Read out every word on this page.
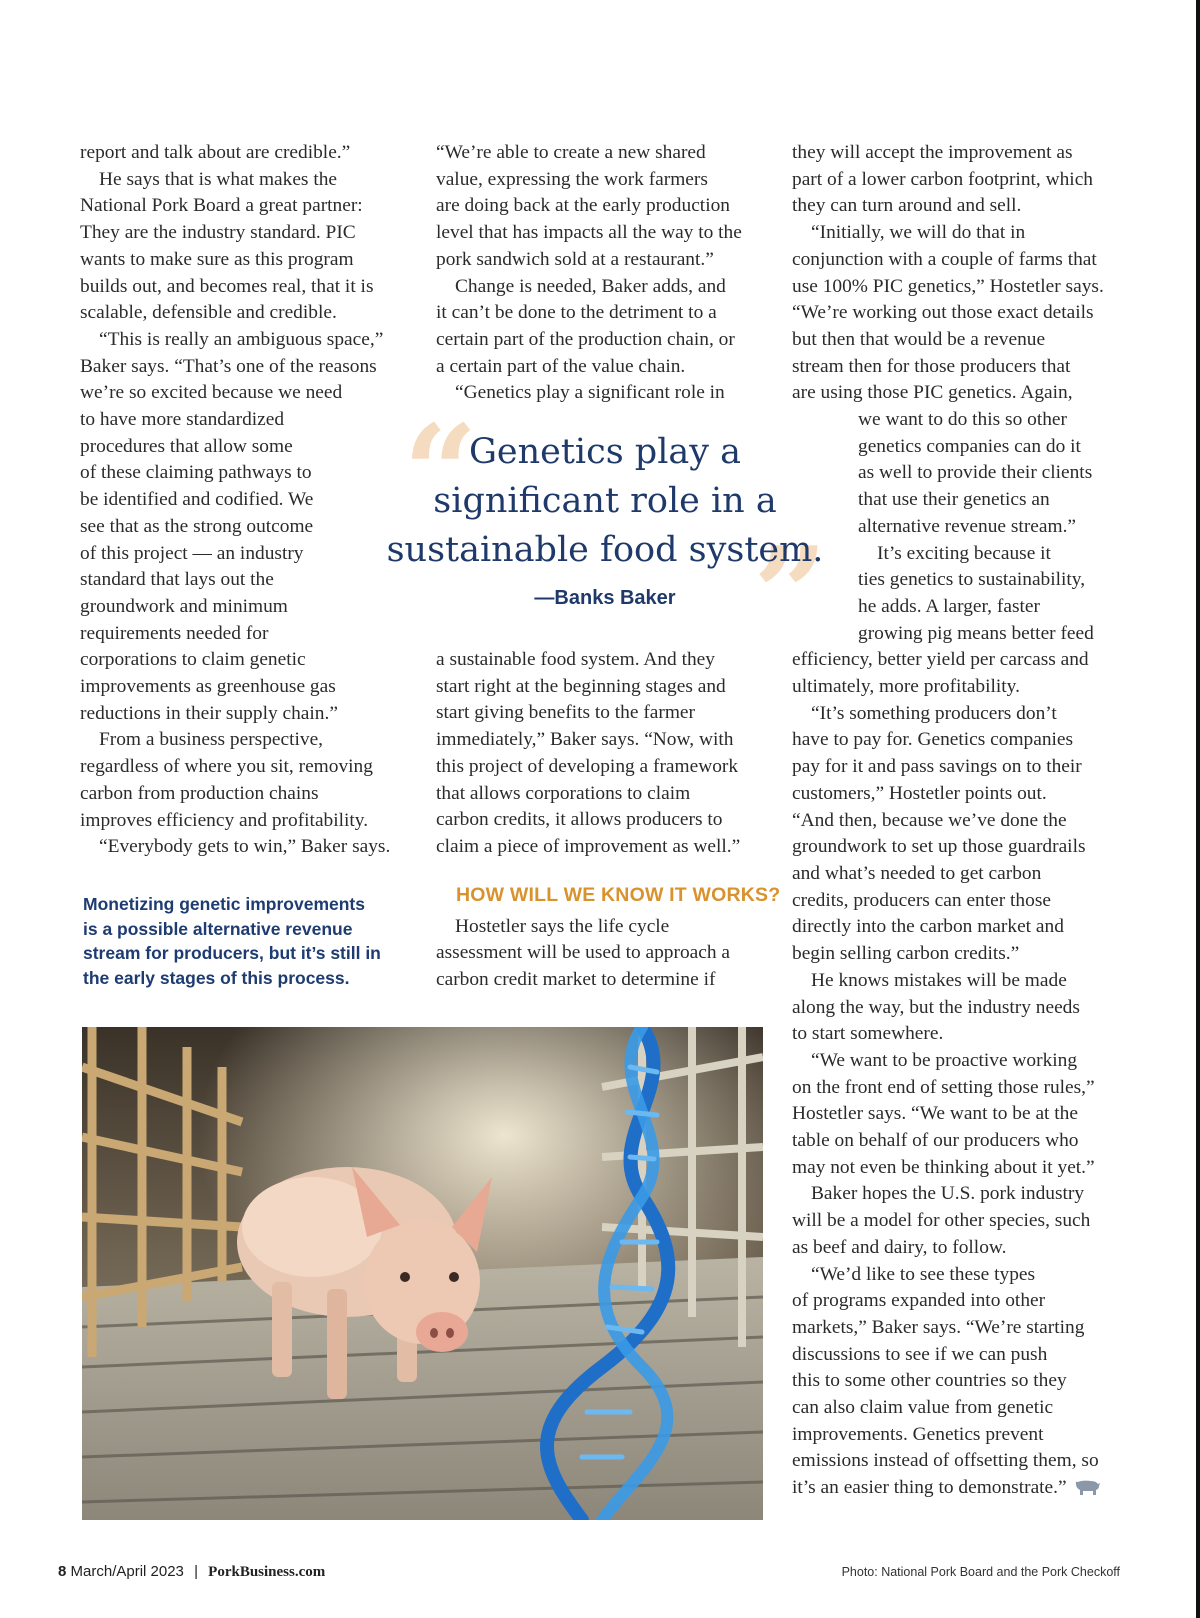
report and talk about are credible.”
He says that is what makes the
National Pork Board a great partner:
They are the industry standard. PIC
wants to make sure as this program
builds out, and becomes real, that it is
scalable, defensible and credible.
“This is really an ambiguous space,”
Baker says. “That’s one of the reasons
we’re so excited because we need
to have more standardized
procedures that allow some
of these claiming pathways to
be identified and codified. We
see that as the strong outcome
of this project — an industry
standard that lays out the
groundwork and minimum
requirements needed for
corporations to claim genetic
improvements as greenhouse gas
reductions in their supply chain.”
From a business perspective,
regardless of where you sit, removing
carbon from production chains
improves efficiency and profitability.
“Everybody gets to win,” Baker says.
Monetizing genetic improvements
is a possible alternative revenue
stream for producers, but it’s still in
the early stages of this process.
“We’re able to create a new shared
value, expressing the work farmers
are doing back at the early production
level that has impacts all the way to the
pork sandwich sold at a restaurant.”
Change is needed, Baker adds, and
it can’t be done to the detriment to a
certain part of the production chain, or
a certain part of the value chain.
“Genetics play a significant role in
“
”
Genetics play a
significant role in a
sustainable food system.
—Banks Baker
a sustainable food system. And they
start right at the beginning stages and
start giving benefits to the farmer
immediately,” Baker says. “Now, with
this project of developing a framework
that allows corporations to claim
carbon credits, it allows producers to
claim a piece of improvement as well.”
Hostetler says the life cycle
assessment will be used to approach a
carbon credit market to determine if
HOW WILL WE KNOW IT WORKS?
they will accept the improvement as
part of a lower carbon footprint, which
they can turn around and sell.
“Initially, we will do that in
conjunction with a couple of farms that
use 100% PIC genetics,” Hostetler says.
“We’re working out those exact details
but then that would be a revenue
stream then for those producers that
are using those PIC genetics. Again,
we want to do this so other
genetics companies can do it
as well to provide their clients
that use their genetics an
alternative revenue stream.”
It’s exciting because it
ties genetics to sustainability,
he adds. A larger, faster
growing pig means better feed
efficiency, better yield per carcass and
ultimately, more profitability.
“It’s something producers don’t
have to pay for. Genetics companies
pay for it and pass savings on to their
customers,” Hostetler points out.
“And then, because we’ve done the
groundwork to set up those guardrails
and what’s needed to get carbon
credits, producers can enter those
directly into the carbon market and
begin selling carbon credits.”
He knows mistakes will be made
along the way, but the industry needs
to start somewhere.
“We want to be proactive working
on the front end of setting those rules,”
Hostetler says. “We want to be at the
table on behalf of our producers who
may not even be thinking about it yet.”
Baker hopes the U.S. pork industry
will be a model for other species, such
as beef and dairy, to follow.
“We’d like to see these types
of programs expanded into other
markets,” Baker says. “We’re starting
discussions to see if we can push
this to some other countries so they
can also claim value from genetic
improvements. Genetics prevent
emissions instead of offsetting them, so
it’s an easier thing to demonstrate.”
8 March/April 2023 | PorkBusiness.com	Photo: National Pork Board and the Pork Checkoff
